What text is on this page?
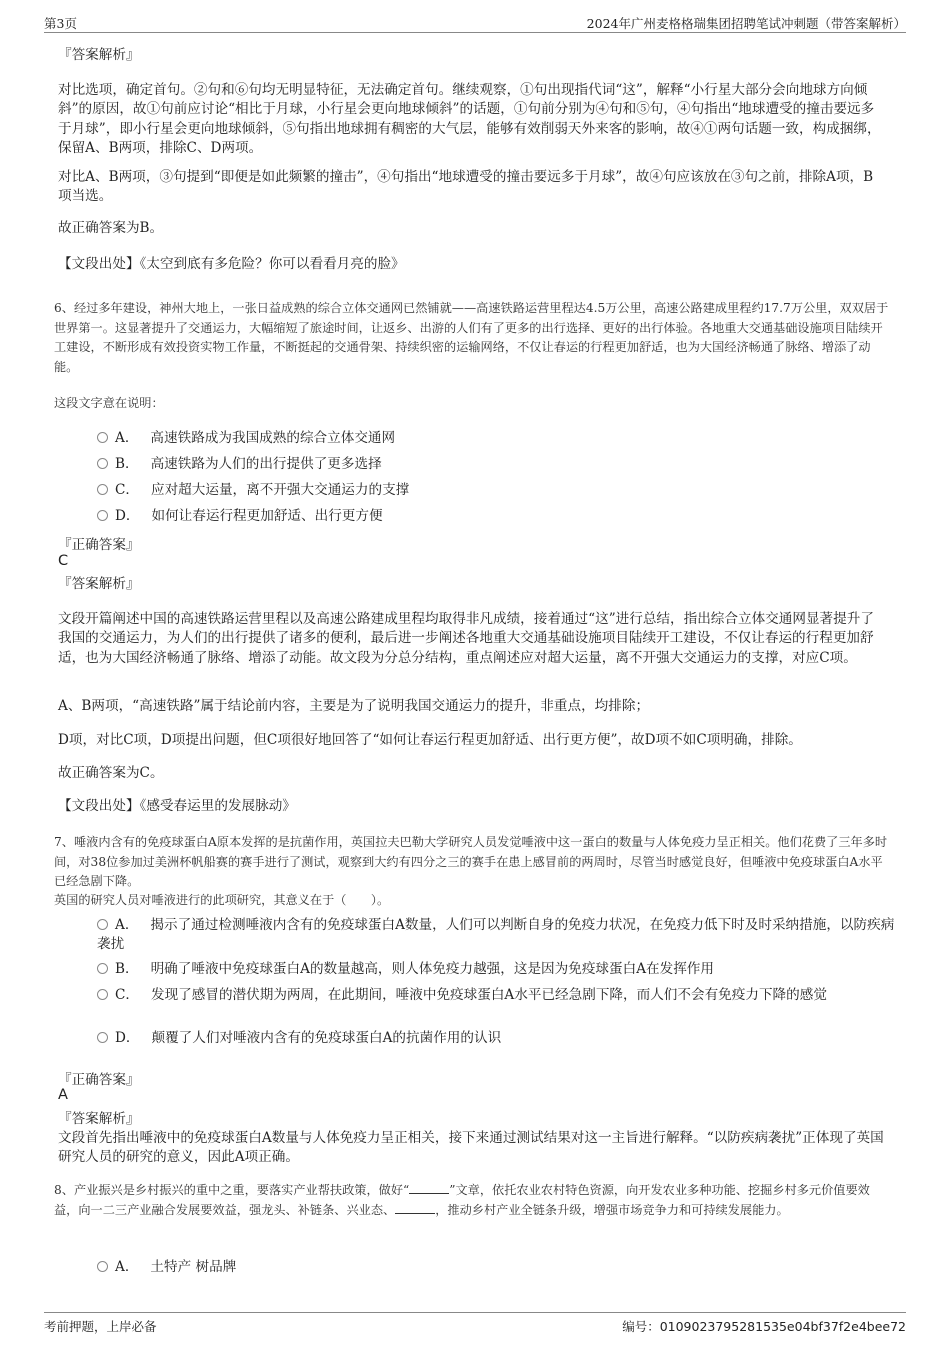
第3页	2024年广州麦格格瑞集团招聘笔试冲刺题（带答案解析）

『答案解析』

对比选项，确定首句。②句和⑥句均无明显特征，无法确定首句。继续观察，①句出现指代词“这”，解释“小行星大部分会向地球方向倾斜”的原因，故①句前应讨论“相比于月球，小行星会更向地球倾斜”的话题，①句前分别为④句和⑤句，④句指出“地球遭受的撞击要远多于月球”，即小行星会更向地球倾斜，⑤句指出地球拥有稠密的大气层，能够有效削弱天外来客的影响，故④①两句话题一致，构成捆绑，保留A、B两项，排除C、D两项。

对比A、B两项，③句提到“即便是如此频繁的撞击”，④句指出“地球遭受的撞击要远多于月球”，故④句应该放在③句之前，排除A项，B项当选。

故正确答案为B。

【文段出处】《太空到底有多危险？你可以看看月亮的脸》

6、经过多年建设，神州大地上，一张日益成熟的综合立体交通网已然铺就——高速铁路运营里程达4.5万公里，高速公路建成里程约17.7万公里，双双居于世界第一。这显著提升了交通运力，大幅缩短了旅途时间，让返乡、出游的人们有了更多的出行选择、更好的出行体验。各地重大交通基础设施项目陆续开工建设，不断形成有效投资实物工作量，不断挺起的交通骨架、持续织密的运输网络，不仅让春运的行程更加舒适，也为大国经济畅通了脉络、增添了动能。

这段文字意在说明：

A． 高速铁路成为我国成熟的综合立体交通网
B． 高速铁路为人们的出行提供了更多选择
C． 应对超大运量，离不开强大交通运力的支撑
D． 如何让春运行程更加舒适、出行更方便

『正确答案』

C

『答案解析』

文段开篇阐述中国的高速铁路运营里程以及高速公路建成里程均取得非凡成绩，接着通过“这”进行总结，指出综合立体交通网显著提升了我国的交通运力，为人们的出行提供了诸多的便利，最后进一步阐述各地重大交通基础设施项目陆续开工建设，不仅让春运的行程更加舒适，也为大国经济畅通了脉络、增添了动能。故文段为分总分结构，重点阐述应对超大运量，离不开强大交通运力的支撑，对应C项。

A、B两项，“高速铁路”属于结论前内容，主要是为了说明我国交通运力的提升，非重点，均排除；

D项，对比C项，D项提出问题，但C项很好地回答了“如何让春运行程更加舒适、出行更方便”，故D项不如C项明确，排除。

故正确答案为C。

【文段出处】《感受春运里的发展脉动》

7、唾液内含有的免疫球蛋白A原本发挥的是抗菌作用，英国拉夫巴勒大学研究人员发觉唾液中这一蛋白的数量与人体免疫力呈正相关。他们花费了三年多时间，对38位参加过美洲杯帆船赛的赛手进行了测试，观察到大约有四分之三的赛手在患上感冒前的两周时，尽管当时感觉良好，但唾液中免疫球蛋白A水平已经急剧下降。

英国的研究人员对唾液进行的此项研究，其意义在于（　　）。

A． 揭示了通过检测唾液内含有的免疫球蛋白A数量，人们可以判断自身的免疫力状况，在免疫力低下时及时采纳措施，以防疾病袭扰
B． 明确了唾液中免疫球蛋白A的数量越高，则人体免疫力越强，这是因为免疫球蛋白A在发挥作用
C． 发现了感冒的潜伏期为两周，在此期间，唾液中免疫球蛋白A水平已经急剧下降，而人们不会有免疫力下降的感觉
D． 颠覆了人们对唾液内含有的免疫球蛋白A的抗菌作用的认识

『正确答案』

A

『答案解析』

文段首先指出唾液中的免疫球蛋白A数量与人体免疫力呈正相关，接下来通过测试结果对这一主旨进行解释。“以防疾病袭扰”正体现了英国研究人员的研究的意义，因此A项正确。

8、产业振兴是乡村振兴的重中之重，要落实产业帮扶政策，做好“	”文章，依托农业农村特色资源，向开发农业多种功能、挖掘乡村多元价值要效益，向一二三产业融合发展要效益，强龙头、补链条、兴业态、	，推动乡村产业全链条升级，增强市场竞争力和可持续发展能力。

A． 土特产 树品牌
考前押题，上岸必备	编号：0109023795281535e04bf37f2e4bee72
